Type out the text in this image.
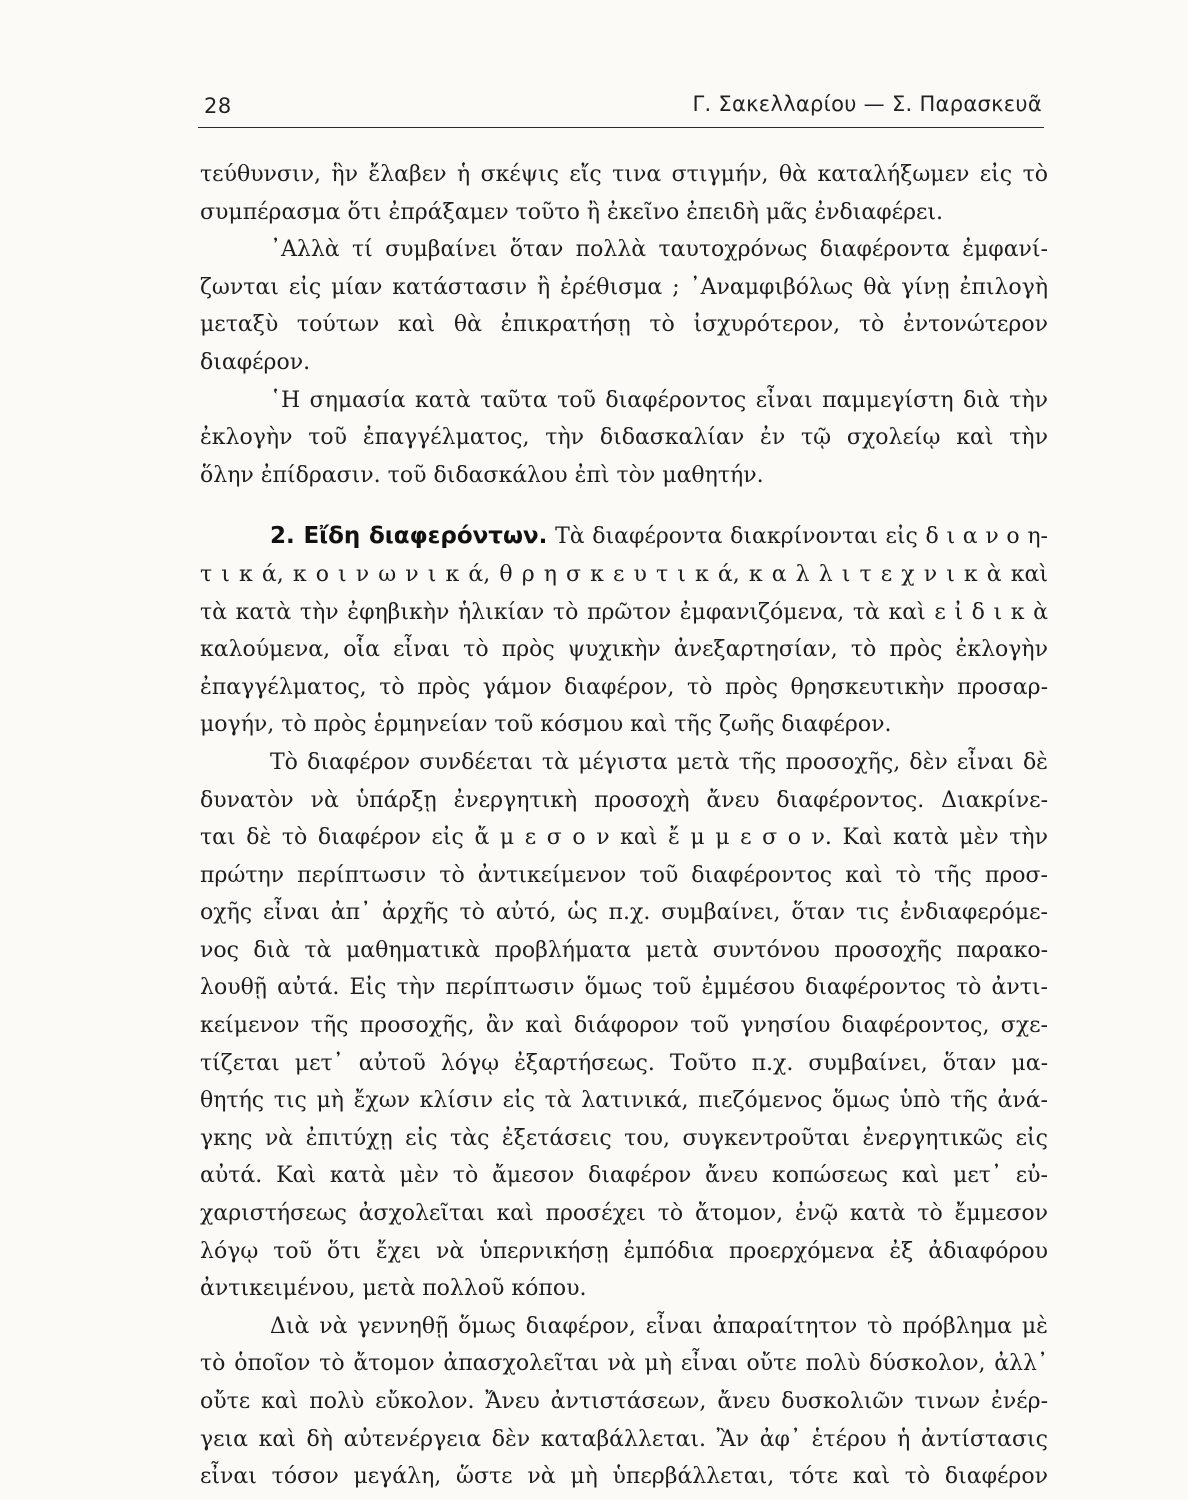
28	Γ. Σακελλαρίου — Σ. Παρασκευᾶ
τεύθυνσιν, ἣν ἔλαβεν ἡ σκέψις εἴς τινα στιγμήν, θὰ καταλήξωμεν εἰς τὸ
συμπέρασμα ὅτι ἐπράξαμεν τοῦτο ἢ ἐκεῖνο ἐπειδὴ μᾶς ἐνδιαφέρει.
᾿Αλλὰ τί συμβαίνει ὅταν πολλὰ ταυτοχρόνως διαφέροντα ἐμφανί-
ζωνται εἰς μίαν κατάστασιν ἢ ἐρέθισμα ; ᾿Αναμφιβόλως θὰ γίνῃ ἐπιλογὴ
μεταξὺ τούτων καὶ θὰ ἐπικρατήσῃ τὸ ἰσχυρότερον, τὸ ἐντονώτερον
διαφέρον.
῾Η σημασία κατὰ ταῦτα τοῦ διαφέροντος εἶναι παμμεγίστη διὰ τὴν
ἐκλογὴν τοῦ ἐπαγγέλματος, τὴν διδασκαλίαν ἐν τῷ σχολείῳ καὶ τὴν
ὅλην ἐπίδρασιν. τοῦ διδασκάλου ἐπὶ τὸν μαθητήν.
2. Εἴδη διαφερόντων. Τὰ διαφέροντα διακρίνονται εἰς δ ι α ν ο η-
τ ι κ ά, κ ο ι ν ω ν ι κ ά, θ ρ η σ κ ε υ τ ι κ ά, κ α λ λ ι τ ε χ ν ι κ ὰ καὶ
τὰ κατὰ τὴν ἐφηβικὴν ἡλικίαν τὸ πρῶτον ἐμφανιζόμενα, τὰ καὶ ε ἰ δ ι κ ὰ
καλούμενα, οἷα εἶναι τὸ πρὸς ψυχικὴν ἀνεξαρτησίαν, τὸ πρὸς ἐκλογὴν
ἐπαγγέλματος, τὸ πρὸς γάμον διαφέρον, τὸ πρὸς θρησκευτικὴν προσαρ-
μογήν, τὸ πρὸς ἑρμηνείαν τοῦ κόσμου καὶ τῆς ζωῆς διαφέρον.
Τὸ διαφέρον συνδέεται τὰ μέγιστα μετὰ τῆς προσοχῆς, δὲν εἶναι δὲ
δυνατὸν νὰ ὑπάρξῃ ἐνεργητικὴ προσοχὴ ἄνευ διαφέροντος. Διακρίνε-
ται δὲ τὸ διαφέρον εἰς ἄ μ ε σ ο ν καὶ ἔ μ μ ε σ ο ν. Καὶ κατὰ μὲν τὴν
πρώτην περίπτωσιν τὸ ἀντικείμενον τοῦ διαφέροντος καὶ τὸ τῆς προσ-
οχῆς εἶναι ἀπ᾿ ἀρχῆς τὸ αὐτό, ὡς π.χ. συμβαίνει, ὅταν τις ἐνδιαφερόμε-
νος διὰ τὰ μαθηματικὰ προβλήματα μετὰ συντόνου προσοχῆς παρακο-
λουθῇ αὐτά. Εἰς τὴν περίπτωσιν ὅμως τοῦ ἐμμέσου διαφέροντος τὸ ἀντι-
κείμενον τῆς προσοχῆς, ἂν καὶ διάφορον τοῦ γνησίου διαφέροντος, σχε-
τίζεται μετ᾿ αὐτοῦ λόγῳ ἐξαρτήσεως. Τοῦτο π.χ. συμβαίνει, ὅταν μα-
θητής τις μὴ ἔχων κλίσιν εἰς τὰ λατινικά, πιεζόμενος ὅμως ὑπὸ τῆς ἀνά-
γκης νὰ ἐπιτύχῃ εἰς τὰς ἐξετάσεις του, συγκεντροῦται ἐνεργητικῶς εἰς
αὐτά. Καὶ κατὰ μὲν τὸ ἄμεσον διαφέρον ἄνευ κοπώσεως καὶ μετ᾿ εὐ-
χαριστήσεως ἀσχολεῖται καὶ προσέχει τὸ ἄτομον, ἐνῷ κατὰ τὸ ἔμμεσον
λόγῳ τοῦ ὅτι ἔχει νὰ ὑπερνικήσῃ ἐμπόδια προερχόμενα ἐξ ἀδιαφόρου
ἀντικειμένου, μετὰ πολλοῦ κόπου.
Διὰ νὰ γεννηθῇ ὅμως διαφέρον, εἶναι ἀπαραίτητον τὸ πρόβλημα μὲ
τὸ ὁποῖον τὸ ἄτομον ἀπασχολεῖται νὰ μὴ εἶναι οὔτε πολὺ δύσκολον, ἀλλ᾿
οὔτε καὶ πολὺ εὔκολον. Ἄνευ ἀντιστάσεων, ἄνευ δυσκολιῶν τινων ἐνέρ-
γεια καὶ δὴ αὐτενέργεια δὲν καταβάλλεται. Ἂν ἀφ᾿ ἑτέρου ἡ ἀντίστασις
εἶναι τόσον μεγάλη, ὥστε νὰ μὴ ὑπερβάλλεται, τότε καὶ τὸ διαφέρον
